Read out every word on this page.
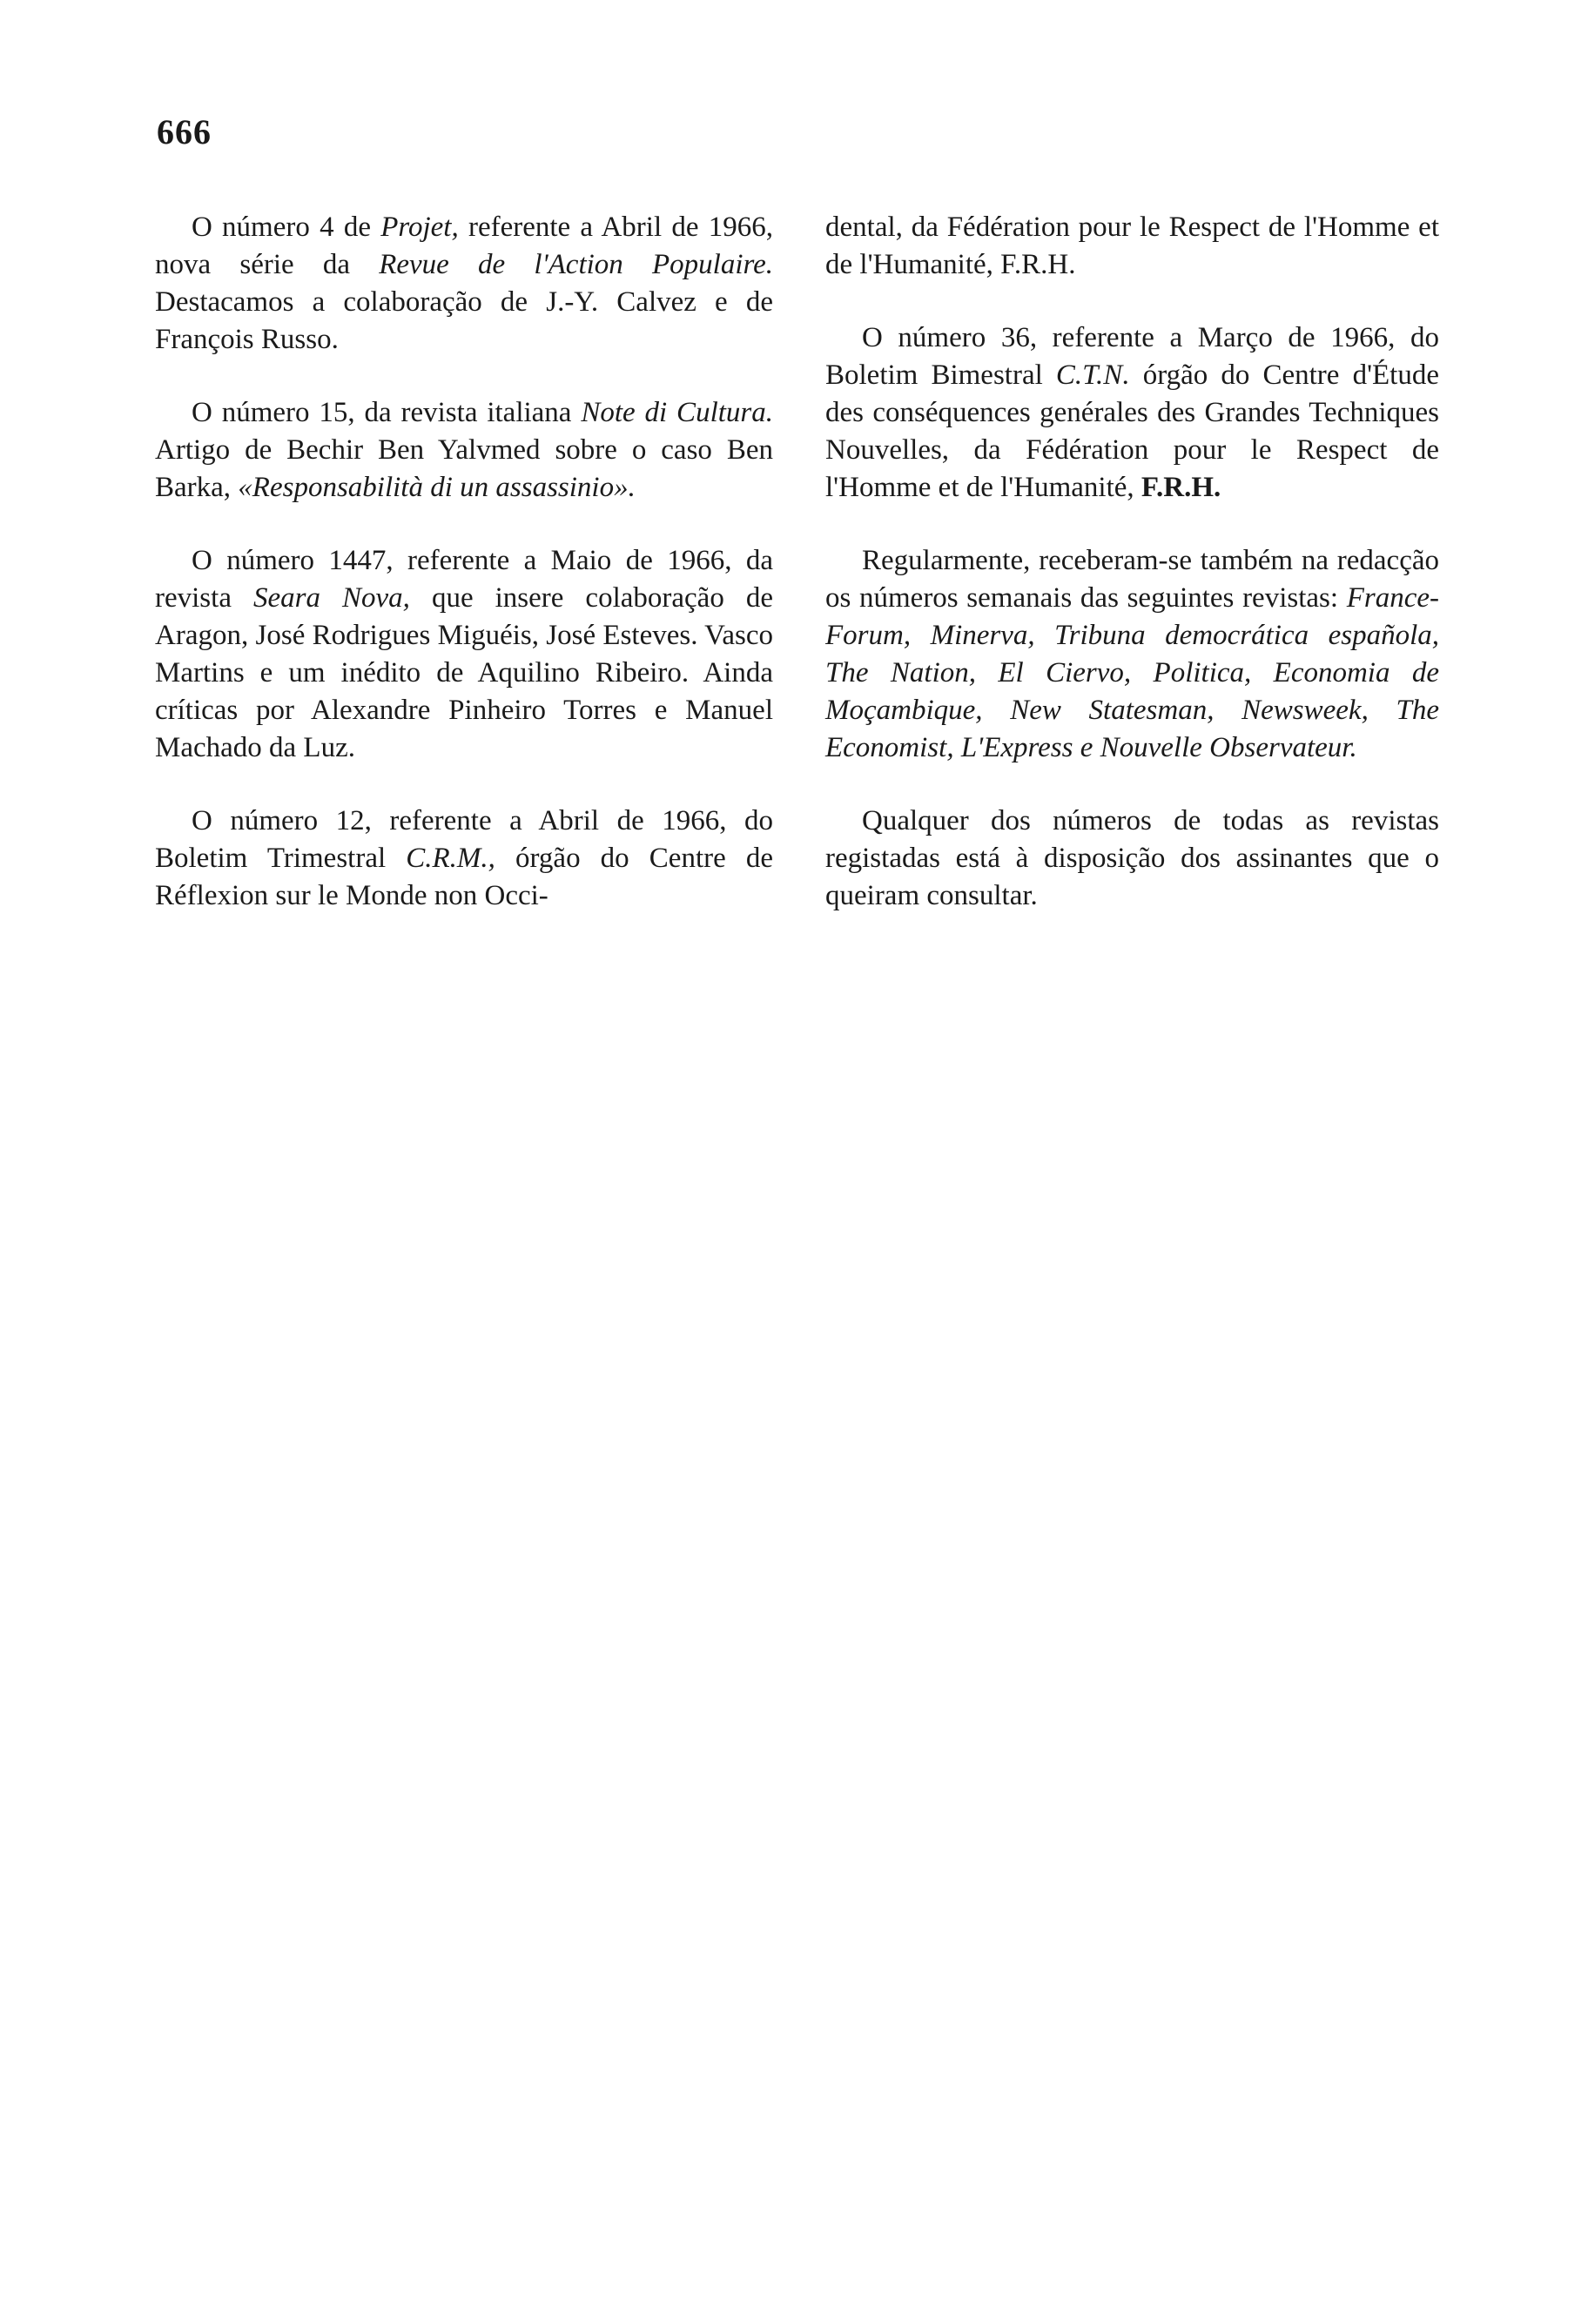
666

O número 4 de Projet, referente a Abril de 1966, nova série da Revue de l'Action Populaire. Destacamos a colaboração de J.-Y. Calvez e de François Russo.

O número 15, da revista italiana Note di Cultura. Artigo de Bechir Ben Yalvmed sobre o caso Ben Barka, «Responsabilità di un assassinio».

O número 1447, referente a Maio de 1966, da revista Seara Nova, que insere colaboração de Aragon, José Rodrigues Miguéis, José Esteves. Vasco Martins e um inédito de Aquilino Ribeiro. Ainda críticas por Alexandre Pinheiro Torres e Manuel Machado da Luz.

O número 12, referente a Abril de 1966, do Boletim Trimestral C.R.M., órgão do Centre de Réflexion sur le Monde non Occi-

dental, da Fédération pour le Respect de l'Homme et de l'Humanité, F.R.H.

O número 36, referente a Março de 1966, do Boletim Bimestral C.T.N. órgão do Centre d'Étude des conséquences genérales des Grandes Techniques Nouvelles, da Fédération pour le Respect de l'Homme et de l'Humanité, F.R.H.

Regularmente, receberam-se também na redacção os números semanais das seguintes revistas: France-Forum, Minerva, Tribuna democrática española, The Nation, El Ciervo, Politica, Economia de Moçambique, New Statesman, Newsweek, The Economist, L'Express e Nouvelle Observateur.

Qualquer dos números de todas as revistas registadas está à disposição dos assinantes que o queiram consultar.
